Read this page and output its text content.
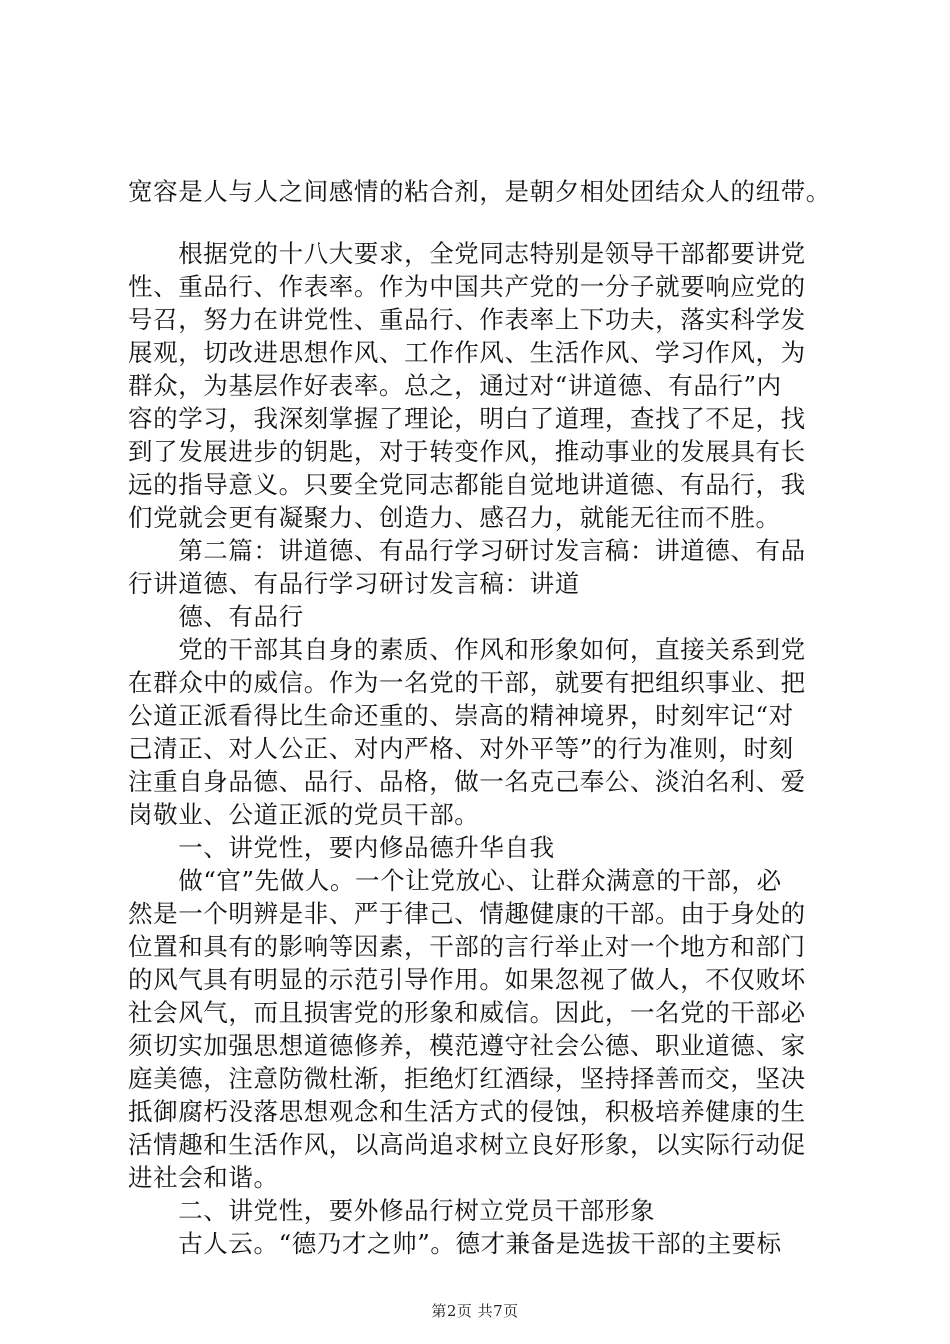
宽容是人与人之间感情的粘合剂，是朝夕相处团结众人的纽带。
　　根据党的十八大要求，全党同志特别是领导干部都要讲党
性、重品行、作表率。作为中国共产党的一分子就要响应党的
号召，努力在讲党性、重品行、作表率上下功夫，落实科学发
展观，切改进思想作风、工作作风、生活作风、学习作风，为
群众，为基层作好表率。总之，通过对“讲道德、有品行”内
容的学习，我深刻掌握了理论，明白了道理，查找了不足，找
到了发展进步的钥匙，对于转变作风，推动事业的发展具有长
远的指导意义。只要全党同志都能自觉地讲道德、有品行，我
们党就会更有凝聚力、创造力、感召力，就能无往而不胜。
　　第二篇：讲道德、有品行学习研讨发言稿：讲道德、有品
行讲道德、有品行学习研讨发言稿：讲道
　　德、有品行
　　党的干部其自身的素质、作风和形象如何，直接关系到党
在群众中的威信。作为一名党的干部，就要有把组织事业、把
公道正派看得比生命还重的、崇高的精神境界，时刻牢记“对
己清正、对人公正、对内严格、对外平等”的行为准则，时刻
注重自身品德、品行、品格，做一名克己奉公、淡泊名利、爱
岗敬业、公道正派的党员干部。
　　一、讲党性，要内修品德升华自我
　　做“官”先做人。一个让党放心、让群众满意的干部，必
然是一个明辨是非、严于律己、情趣健康的干部。由于身处的
位置和具有的影响等因素，干部的言行举止对一个地方和部门
的风气具有明显的示范引导作用。如果忽视了做人，不仅败坏
社会风气，而且损害党的形象和威信。因此，一名党的干部必
须切实加强思想道德修养，模范遵守社会公德、职业道德、家
庭美德，注意防微杜渐，拒绝灯红酒绿，坚持择善而交，坚决
抵御腐朽没落思想观念和生活方式的侵蚀，积极培养健康的生
活情趣和生活作风，以高尚追求树立良好形象，以实际行动促
进社会和谐。
　　二、讲党性，要外修品行树立党员干部形象
　　古人云。“德乃才之帅”。德才兼备是选拔干部的主要标
第2页 共7页
